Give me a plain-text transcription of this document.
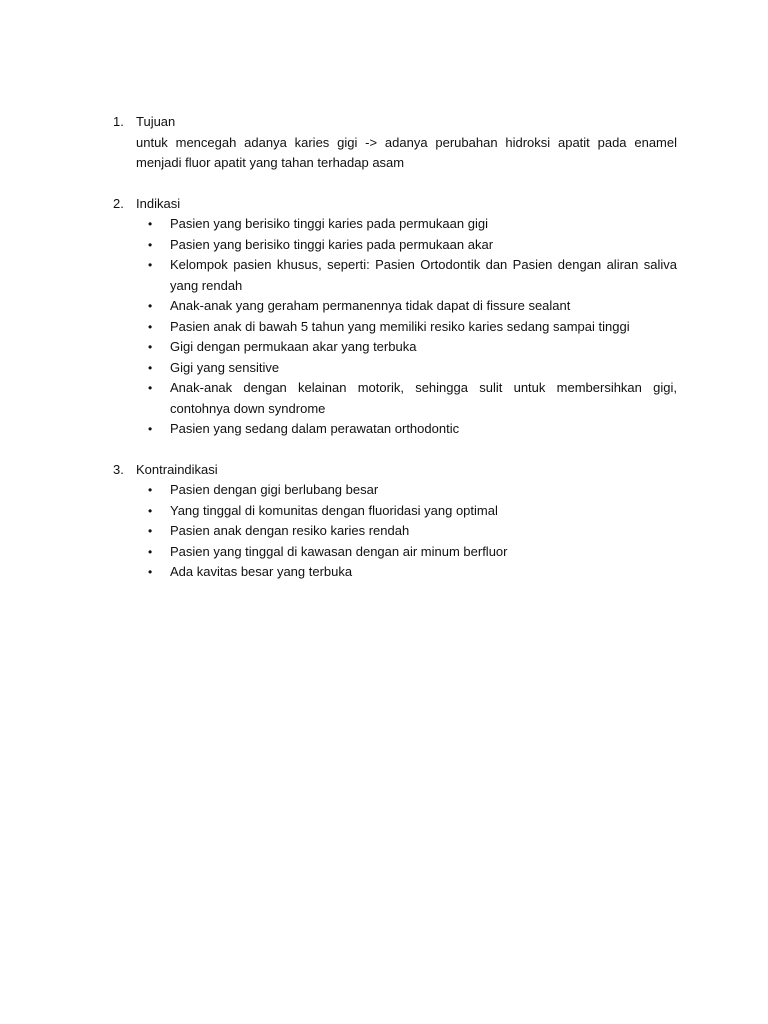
1. Tujuan
untuk mencegah adanya karies gigi -> adanya perubahan hidroksi apatit pada enamel menjadi fluor apatit yang tahan terhadap asam
2. Indikasi
• Pasien yang berisiko tinggi karies pada permukaan gigi
• Pasien yang berisiko tinggi karies pada permukaan akar
• Kelompok pasien khusus, seperti: Pasien Ortodontik dan Pasien dengan aliran saliva yang rendah
• Anak-anak yang geraham permanennya tidak dapat di fissure sealant
• Pasien anak di bawah 5 tahun yang memiliki resiko karies sedang sampai tinggi
• Gigi dengan permukaan akar yang terbuka
• Gigi yang sensitive
• Anak-anak dengan kelainan motorik, sehingga sulit untuk membersihkan gigi, contohnya down syndrome
• Pasien yang sedang dalam perawatan orthodontic
3. Kontraindikasi
• Pasien dengan gigi berlubang besar
• Yang tinggal di komunitas dengan fluoridasi yang optimal
• Pasien anak dengan resiko karies rendah
• Pasien yang tinggal di kawasan dengan air minum berfluor
• Ada kavitas besar yang terbuka
